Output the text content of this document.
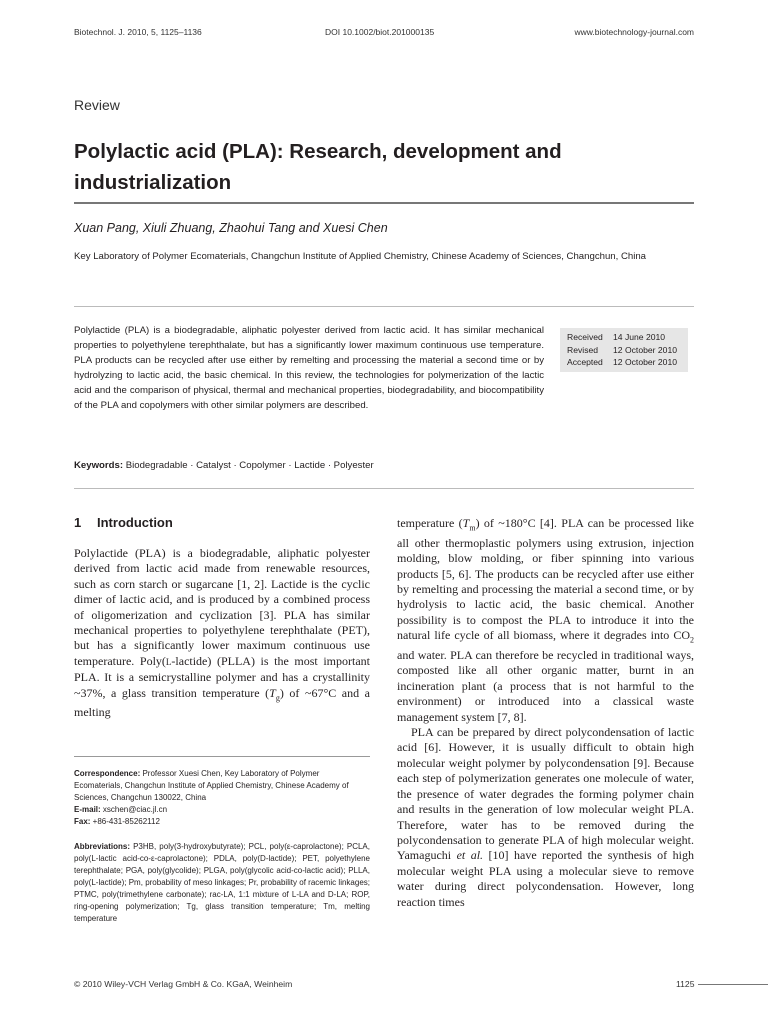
Biotechnol. J. 2010, 5, 1125–1136	DOI 10.1002/biot.201000135	www.biotechnology-journal.com
Review
Polylactic acid (PLA): Research, development and industrialization
Xuan Pang, Xiuli Zhuang, Zhaohui Tang and Xuesi Chen
Key Laboratory of Polymer Ecomaterials, Changchun Institute of Applied Chemistry, Chinese Academy of Sciences, Changchun, China
Polylactide (PLA) is a biodegradable, aliphatic polyester derived from lactic acid. It has similar mechanical properties to polyethylene terephthalate, but has a significantly lower maximum continuous use temperature. PLA products can be recycled after use either by remelting and processing the material a second time or by hydrolyzing to lactic acid, the basic chemical. In this review, the technologies for polymerization of the lactic acid and the comparison of physical, thermal and mechanical properties, biodegradability, and biocompatibility of the PLA and copolymers with other similar polymers are described.
Received	14 June 2010
Revised	12 October 2010
Accepted	12 October 2010
Keywords: Biodegradable · Catalyst · Copolymer · Lactide · Polyester
1 Introduction

Polylactide (PLA) is a biodegradable, aliphatic polyester derived from lactic acid made from renewable resources, such as corn starch or sugarcane [1, 2]. Lactide is the cyclic dimer of lactic acid, and is produced by a combined process of oligomerization and cyclization [3]. PLA has similar mechanical properties to polyethylene terephthalate (PET), but has a significantly lower maximum continuous use temperature. Poly(L-lactide) (PLLA) is the most important PLA. It is a semicrystalline polymer and has a crystallinity ~37%, a glass transition temperature $(T_g)$ of ~67°C and a melting

temperature $(T_m)$ of ~180°C [4]. PLA can be processed like all other thermoplastic polymers using extrusion, injection molding, blow molding, or fiber spinning into various products [5, 6]. The products can be recycled after use either by remelting and processing the material a second time, or by hydrolysis to lactic acid, the basic chemical. Another possibility is to compost the PLA to introduce it into the natural life cycle of all biomass, where it degrades into $CO_2$ and water. PLA can therefore be recycled in traditional ways, composted like all other organic matter, burnt in an incineration plant (a process that is not harmful to the environment) or introduced into a classical waste management system [7, 8].

PLA can be prepared by direct polycondensation of lactic acid [6]. However, it is usually difficult to obtain high molecular weight polymer by polycondensation [9]. Because each step of polymerization generates one molecule of water, the presence of water degrades the forming polymer chain and results in the generation of low molecular weight PLA. Therefore, water has to be removed during the polycondensation to generate PLA of high molecular weight. Yamaguchi et al. [10] have reported the synthesis of high molecular weight PLA using a molecular sieve to remove water during direct polycondensation. However, long reaction times

Correspondence: Professor Xuesi Chen, Key Laboratory of Polymer Ecomaterials, Changchun Institute of Applied Chemistry, Chinese Academy of Sciences, Changchun 130022, China
E-mail: xschen@ciac.jl.cn
Fax: +86-431-85262112
Abbreviations: P3HB, poly(3-hydroxybutyrate); PCL, poly(ε-caprolactone); PCLA, poly(L-lactic acid-co-ε-caprolactone); PDLA, poly(D-lactide); PET, polyethylene terephthalate; PGA, poly(glycolide); PLGA, poly(glycolic acid-co-lactic acid); PLLA, poly(L-lactide); Pm, probability of meso linkages; Pr, probability of racemic linkages; PTMC, poly(trimethylene carbonate); rac-LA, 1:1 mixture of L-LA and D-LA; ROP, ring-opening polymerization; Tg, glass transition temperature; Tm, melting temperature
© 2010 Wiley-VCH Verlag GmbH & Co. KGaA, Weinheim	1125
